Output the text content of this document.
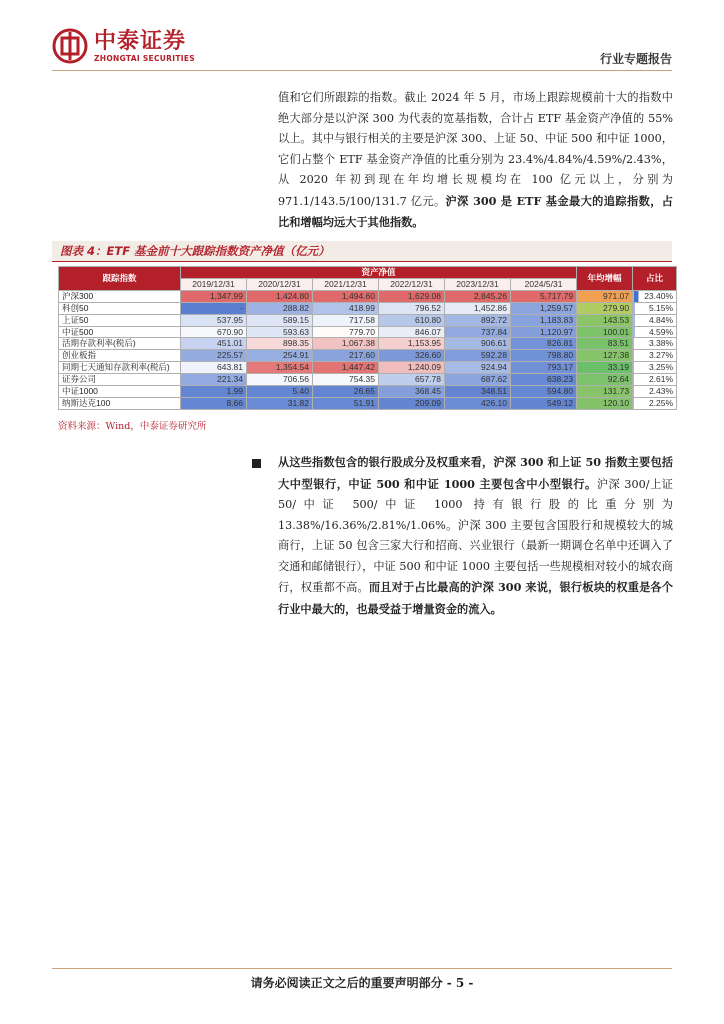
中泰证券
ZHONGTAI SECURITIES	行业专题报告
值和它们所跟踪的指数。截止 2024 年 5 月，市场上跟踪规模前十大的指数中绝大部分是以沪深 300 为代表的宽基指数，合计占 ETF 基金资产净值的 55%以上。其中与银行相关的主要是沪深 300、上证 50、中证 500 和中证 1000，它们占整个 ETF 基金资产净值的比重分别为 23.4%/4.84%/4.59%/2.43%，从 2020 年初到现在年均增长规模均在 100 亿元以上，分别为 971.1/143.5/100/131.7 亿元。沪深 300 是 ETF 基金最大的追踪指数，占比和增幅均远大于其他指数。
图表 4：ETF 基金前十大跟踪指数资产净值（亿元）
跟踪指数	资产净值						年均增幅	占比
	2019/12/31	2020/12/31	2021/12/31	2022/12/31	2023/12/31	2024/5/31		
沪深300	1,347.99	1,424.80	1,494.60	1,629.08	2,845.26	5,717.79	971.07	23.40%
科创50	-	288.82	418.99	796.52	1,452.86	1,259.57	279.90	5.15%
上证50	537.95	589.15	717.58	610.80	892.72	1,183.83	143.53	4.84%
中证500	670.90	593.63	779.70	846.07	737.84	1,120.97	100.01	4.59%
活期存款利率(税后)	451.01	898.35	1,067.38	1,153.95	906.61	826.81	83.51	3.38%
创业板指	225.57	254.91	217.60	326.60	592.28	798.80	127.38	3.27%
同期七天通知存款利率(税后)	643.81	1,354.54	1,447.42	1,240.09	924.94	793.17	33.19	3.25%
证券公司	221.34	706.56	754.35	657.78	687.62	638.23	92.64	2.61%
中证1000	1.99	5.40	26.65	368.45	348.51	594.80	131.73	2.43%
纳斯达克100	8.66	31.82	51.91	209.09	426.10	549.12	120.10	2.25%
资料来源：Wind，中泰证券研究所
从这些指数包含的银行股成分及权重来看，沪深 300 和上证 50 指数主要包括大中型银行，中证 500 和中证 1000 主要包含中小型银行。沪深 300/上证 50/中证 500/中证 1000 持有银行股的比重分别为 13.38%/16.36%/2.81%/1.06%。沪深 300 主要包含国股行和规模较大的城商行，上证 50 包含三家大行和招商、兴业银行（最新一期调仓名单中还调入了交通和邮储银行），中证 500 和中证 1000 主要包括一些规模相对较小的城农商行，权重都不高。而且对于占比最高的沪深 300 来说，银行板块的权重是各个行业中最大的，也最受益于增量资金的流入。
请务必阅读正文之后的重要声明部分 - 5 -
